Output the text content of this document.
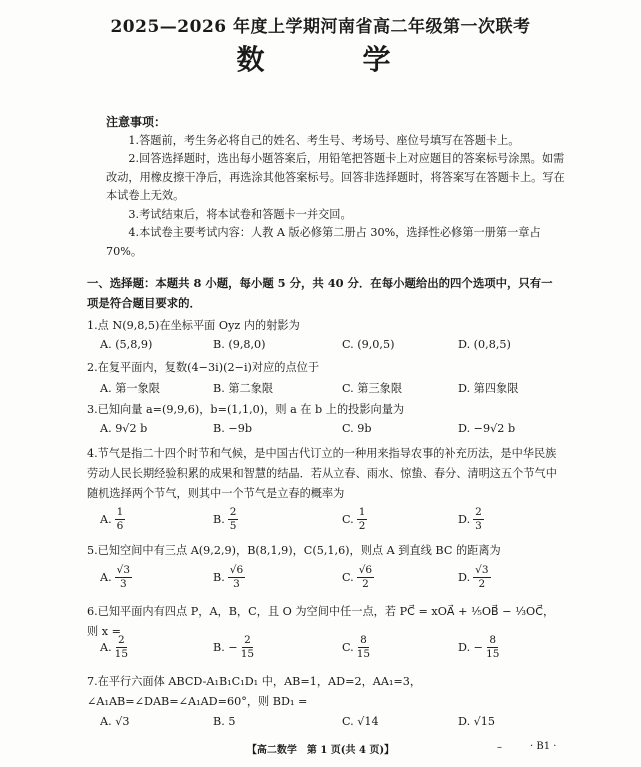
2025—2026 年度上学期河南省高二年级第一次联考
数　　学

注意事项：

1.答题前，考生务必将自己的姓名、考生号、考场号、座位号填写在答题卡上。

2.回答选择题时，选出每小题答案后，用铅笔把答题卡上对应题目的答案标号涂黑。如需改动，用橡皮擦干净后，再选涂其他答案标号。回答非选择题时，将答案写在答题卡上。写在本试卷上无效。

3.考试结束后，将本试卷和答题卡一并交回。

4.本试卷主要考试内容：人教 A 版必修第二册占 30%，选择性必修第一册第一章占 70%。

一、选择题：本题共 8 小题，每小题 5 分，共 40 分．在每小题给出的四个选项中，只有一项是符合题目要求的．
1.点 N(9,8,5)在坐标平面 Oyz 内的射影为
A. (5,8,9)	B. (9,8,0)	C. (9,0,5)	D. (0,8,5)
2.在复平面内，复数(4−3i)(2−i)对应的点位于
A. 第一象限	B. 第二象限	C. 第三象限	D. 第四象限
3.已知向量 a=(9,9,6)，b=(1,1,0)，则 a 在 b 上的投影向量为
A. 9√2 b	B. −9b	C. 9b	D. −9√2 b
4.节气是指二十四个时节和气候，是中国古代订立的一种用来指导农事的补充历法，是中华民族劳动人民长期经验积累的成果和智慧的结晶．若从立春、雨水、惊蛰、春分、清明这五个节气中随机选择两个节气，则其中一个节气是立春的概率为
A. $\frac{1}{6}$	B. $\frac{2}{5}$	C. $\frac{1}{2}$	D. $\frac{2}{3}$
5.已知空间中有三点 A(9,2,9)，B(8,1,9)，C(5,1,6)，则点 A 到直线 BC 的距离为
A. $\frac{√3}{3}$	B. $\frac{√6}{3}$	C. $\frac{√6}{2}$	D. $\frac{√3}{2}$
6.已知平面内有四点 P，A，B，C，且 O 为空间中任一点，若 PC⃗ = xOA⃗ + ¹⁄₅OB⃗ − ¹⁄₃OC⃗，则 x =
A. $\frac{2}{15}$	B. − $\frac{2}{15}$	C. $\frac{8}{15}$	D. − $\frac{8}{15}$
7.在平行六面体 ABCD-A₁B₁C₁D₁ 中，AB=1，AD=2，AA₁=3，∠A₁AB=∠DAB=∠A₁AD=60°，则 BD₁ =
A. √3	B. 5	C. √14	D. √15
–
【高二数学　第 1 页(共 4 页)】	· B1 ·
